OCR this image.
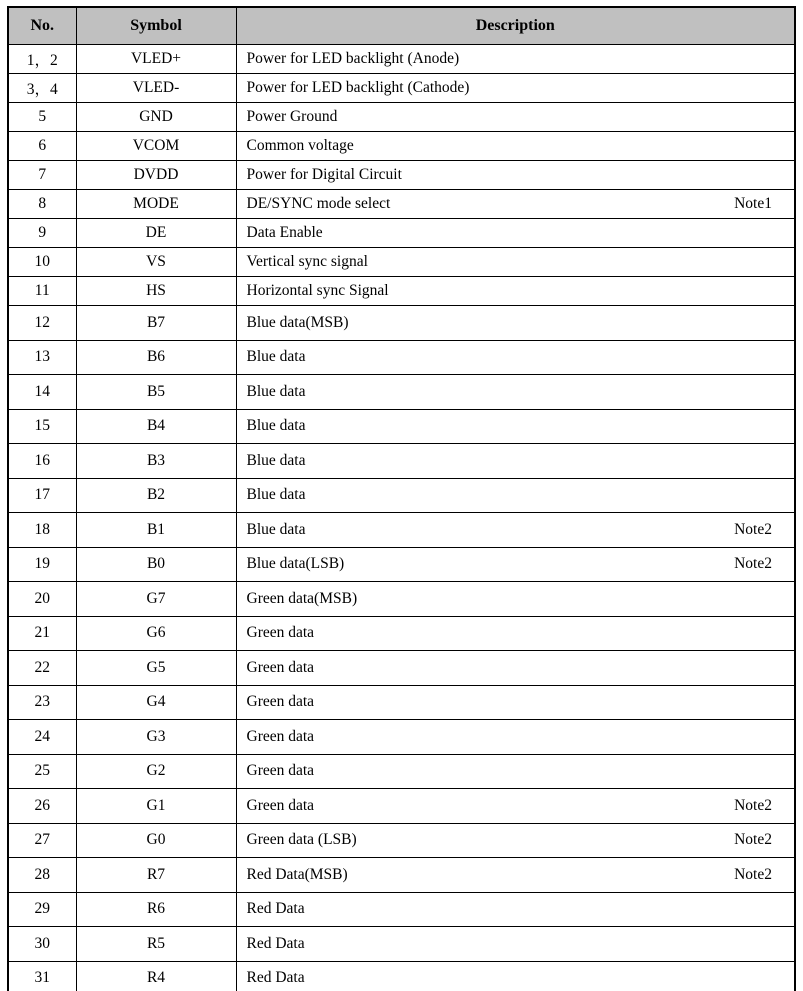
No.	Symbol	Description
1，2	VLED+	Power for LED backlight (Anode)

3，4	VLED-	Power for LED backlight (Cathode)

5	GND	Power Ground

6	VCOM	Common voltage

7	DVDD	Power for Digital Circuit

8	MODE	DE/SYNC mode select Note1

9	DE	Data Enable

10	VS	Vertical sync signal

11	HS	Horizontal sync Signal

12	B7	Blue data(MSB)

13	B6	Blue data

14	B5	Blue data

15	B4	Blue data

16	B3	Blue data

17	B2	Blue data

18	B1	Blue data Note2

19	B0	Blue data(LSB) Note2

20	G7	Green data(MSB)

21	G6	Green data

22	G5	Green data

23	G4	Green data

24	G3	Green data

25	G2	Green data

26	G1	Green data Note2

27	G0	Green data (LSB) Note2

28	R7	Red Data(MSB) Note2

29	R6	Red Data

30	R5	Red Data

31	R4	Red Data
